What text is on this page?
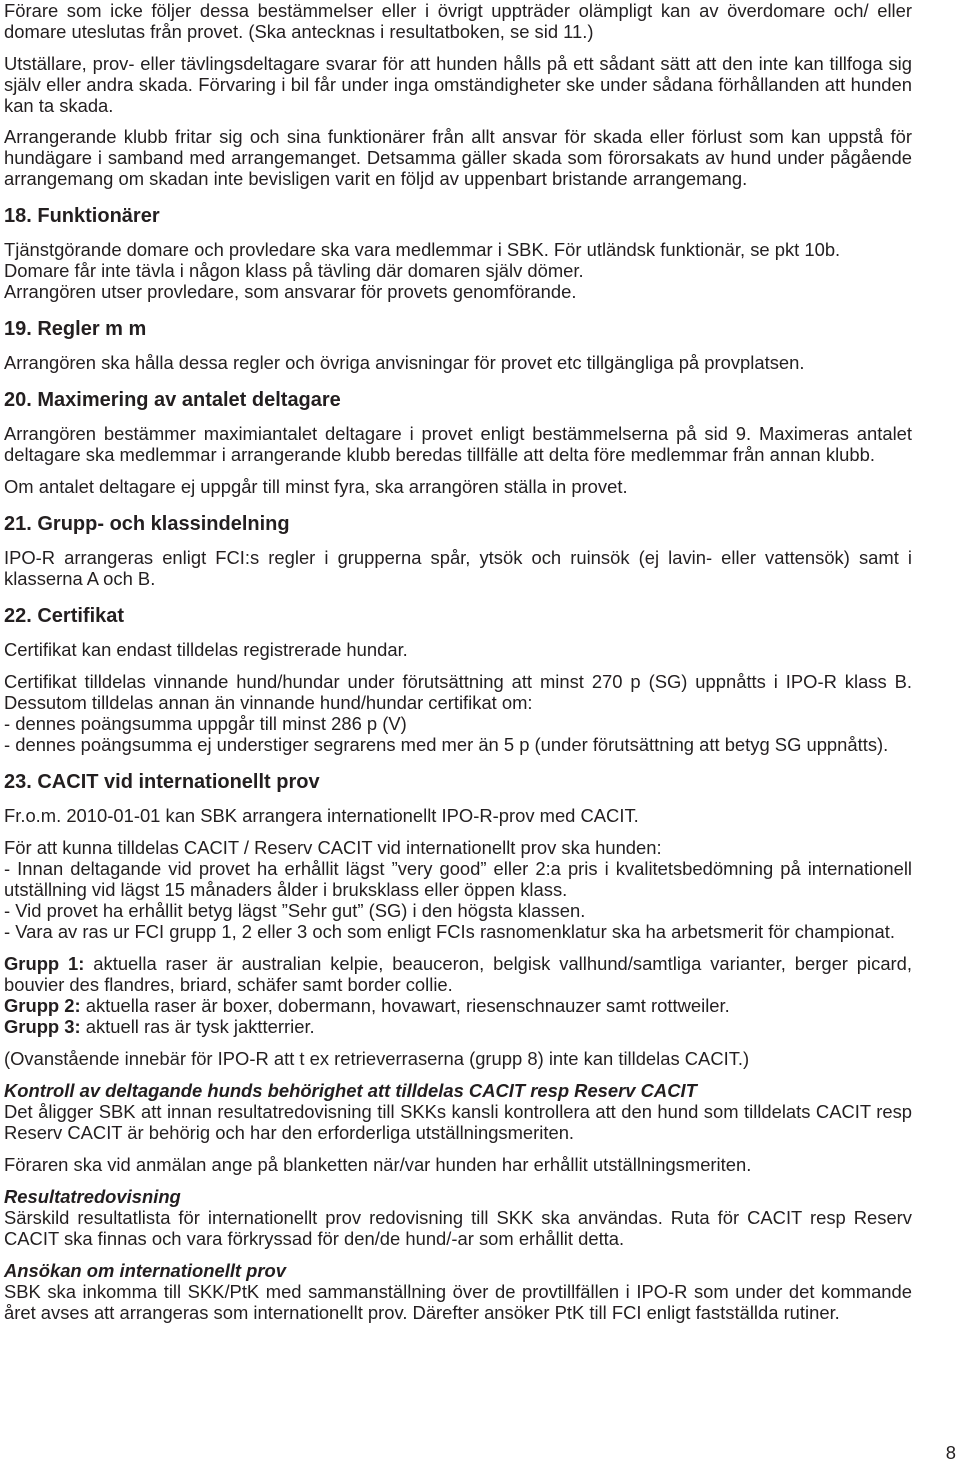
Förare som icke följer dessa bestämmelser eller i övrigt uppträder olämpligt kan av överdomare och/ eller domare uteslutas från provet. (Ska antecknas i resultatboken, se sid 11.)

Utställare, prov- eller tävlingsdeltagare svarar för att hunden hålls på ett sådant sätt att den inte kan tillfoga sig själv eller andra skada. Förvaring i bil får under inga omständigheter ske under sådana förhållanden att hunden kan ta skada.

Arrangerande klubb fritar sig och sina funktionärer från allt ansvar för skada eller förlust som kan uppstå för hundägare i samband med arrangemanget. Detsamma gäller skada som förorsakats av hund under pågående arrangemang om skadan inte bevisligen varit en följd av uppenbart bristande arrangemang.

18. Funktionärer

Tjänstgörande domare och provledare ska vara medlemmar i SBK. För utländsk funktionär, se pkt 10b.
Domare får inte tävla i någon klass på tävling där domaren själv dömer.
Arrangören utser provledare, som ansvarar för provets genomförande.

19. Regler m m

Arrangören ska hålla dessa regler och övriga anvisningar för provet etc tillgängliga på provplatsen.

20. Maximering av antalet deltagare

Arrangören bestämmer maximiantalet deltagare i provet enligt bestämmelserna på sid 9. Maximeras antalet deltagare ska medlemmar i arrangerande klubb beredas tillfälle att delta före medlemmar från annan klubb.

Om antalet deltagare ej uppgår till minst fyra, ska arrangören ställa in provet.

21. Grupp- och klassindelning

IPO-R arrangeras enligt FCI:s regler i grupperna spår, ytsök och ruinsök (ej lavin- eller vattensök) samt i klasserna A och B.

22. Certifikat

Certifikat kan endast tilldelas registrerade hundar.

Certifikat tilldelas vinnande hund/hundar under förutsättning att minst 270 p (SG) uppnåtts i IPO-R klass B. Dessutom tilldelas annan än vinnande hund/hundar certifikat om:
- dennes poängsumma uppgår till minst 286 p (V)
- dennes poängsumma ej understiger segrarens med mer än 5 p (under förutsättning att betyg SG uppnåtts).

23. CACIT vid internationellt prov

Fr.o.m. 2010-01-01 kan SBK arrangera internationellt IPO-R-prov med CACIT.

För att kunna tilldelas CACIT / Reserv CACIT vid internationellt prov ska hunden:
- Innan deltagande vid provet ha erhållit lägst ”very good” eller 2:a pris i kvalitetsbedömning på internationell utställning vid lägst 15 månaders ålder i bruksklass eller öppen klass.
- Vid provet ha erhållit betyg lägst ”Sehr gut” (SG) i den högsta klassen.
- Vara av ras ur FCI grupp 1, 2 eller 3 och som enligt FCIs rasnomenklatur ska ha arbetsmerit för championat.

Grupp 1: aktuella raser är australian kelpie, beauceron, belgisk vallhund/samtliga varianter, berger picard, bouvier des flandres, briard, schäfer samt border collie.
Grupp 2: aktuella raser är boxer, dobermann, hovawart, riesenschnauzer samt rottweiler.
Grupp 3: aktuell ras är tysk jaktterrier.

(Ovanstående innebär för IPO-R att t ex retrieverraserna (grupp 8) inte kan tilldelas CACIT.)

Kontroll av deltagande hunds behörighet att tilldelas CACIT resp Reserv CACIT
Det åligger SBK att innan resultatredovisning till SKKs kansli kontrollera att den hund som tilldelats CACIT resp Reserv CACIT är behörig och har den erforderliga utställningsmeriten.

Föraren ska vid anmälan ange på blanketten när/var hunden har erhållit utställningsmeriten.

Resultatredovisning
Särskild resultatlista för internationellt prov redovisning till SKK ska användas. Ruta för CACIT resp Reserv CACIT ska finnas och vara förkryssad för den/de hund/-ar som erhållit detta.

Ansökan om internationellt prov
SBK ska inkomma till SKK/PtK med sammanställning över de provtillfällen i IPO-R som under det kommande året avses att arrangeras som internationellt prov. Därefter ansöker PtK till FCI enligt fastställda rutiner.

8
